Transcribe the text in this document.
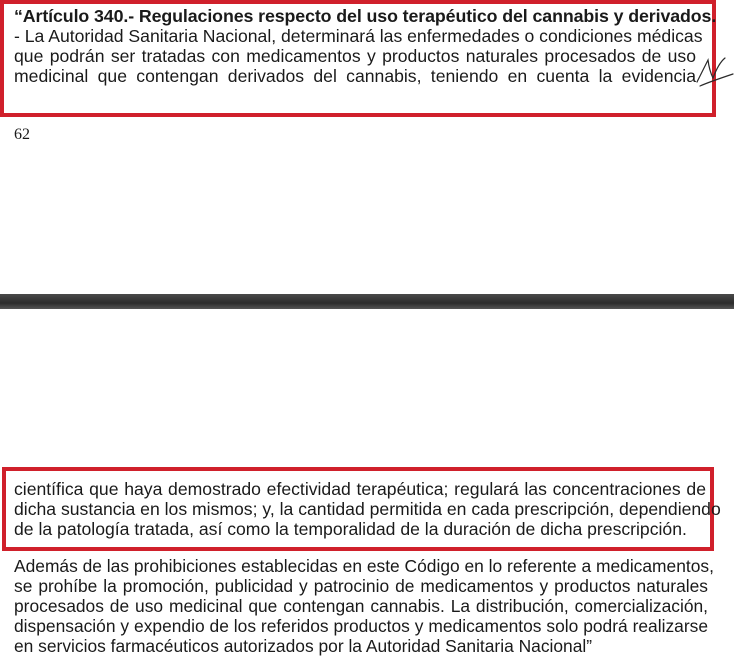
“Artículo 340.- Regulaciones respecto del uso terapéutico del cannabis y derivados.
- La Autoridad Sanitaria Nacional, determinará las enfermedades o condiciones médicas
que podrán ser tratadas con medicamentos y productos naturales procesados de uso
medicinal que contengan derivados del cannabis, teniendo en cuenta la evidencia

62

científica que haya demostrado efectividad terapéutica; regulará las concentraciones de
dicha sustancia en los mismos; y, la cantidad permitida en cada prescripción, dependiendo
de la patología tratada, así como la temporalidad de la duración de dicha prescripción.
Además de las prohibiciones establecidas en este Código en lo referente a medicamentos,
se prohíbe la promoción, publicidad y patrocinio de medicamentos y productos naturales
procesados de uso medicinal que contengan cannabis. La distribución, comercialización,
dispensación y expendio de los referidos productos y medicamentos solo podrá realizarse
en servicios farmacéuticos autorizados por la Autoridad Sanitaria Nacional”
